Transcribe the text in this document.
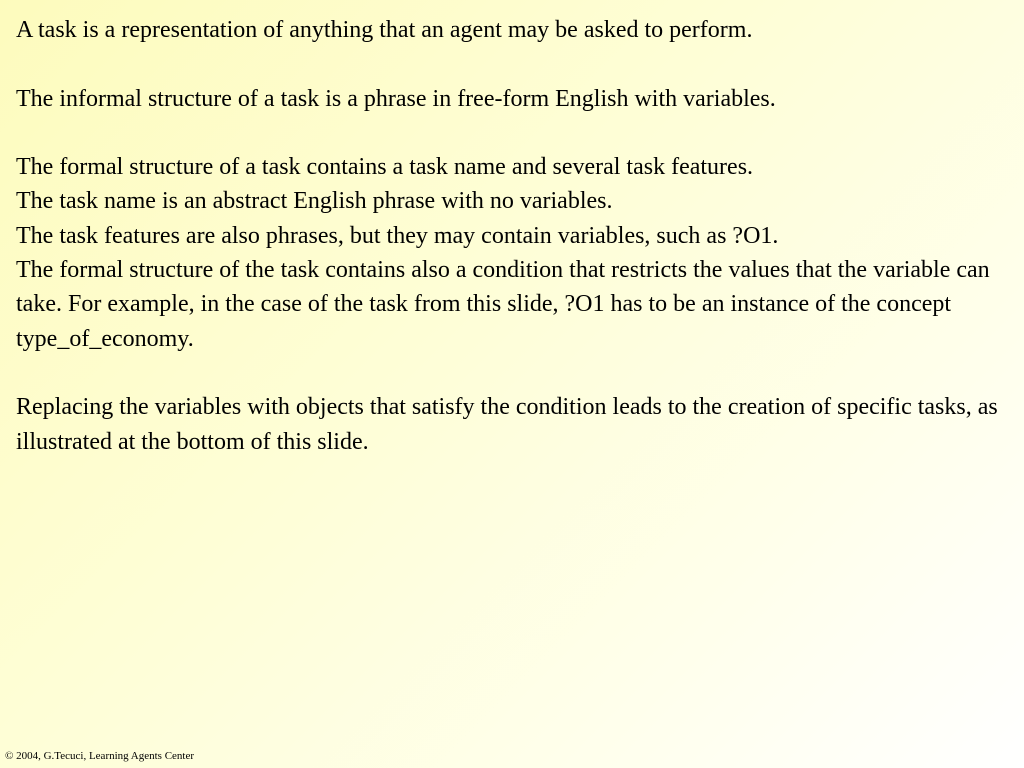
A task is a representation of anything that an agent may be asked to perform.

The informal structure of a task is a phrase in free-form English with variables.

The formal structure of a task contains a task name and several task features.

The task name is an abstract English phrase with no variables.

The task features are also phrases, but they may contain variables, such as ?O1.

The formal structure of the task contains also a condition that restricts the values that the variable can take. For example, in the case of the task from this slide, ?O1 has to be an instance of the concept type_of_economy.

Replacing the variables with objects that satisfy the condition leads to the creation of specific tasks, as illustrated at the bottom of this slide.

© 2004, G.Tecuci, Learning Agents Center
